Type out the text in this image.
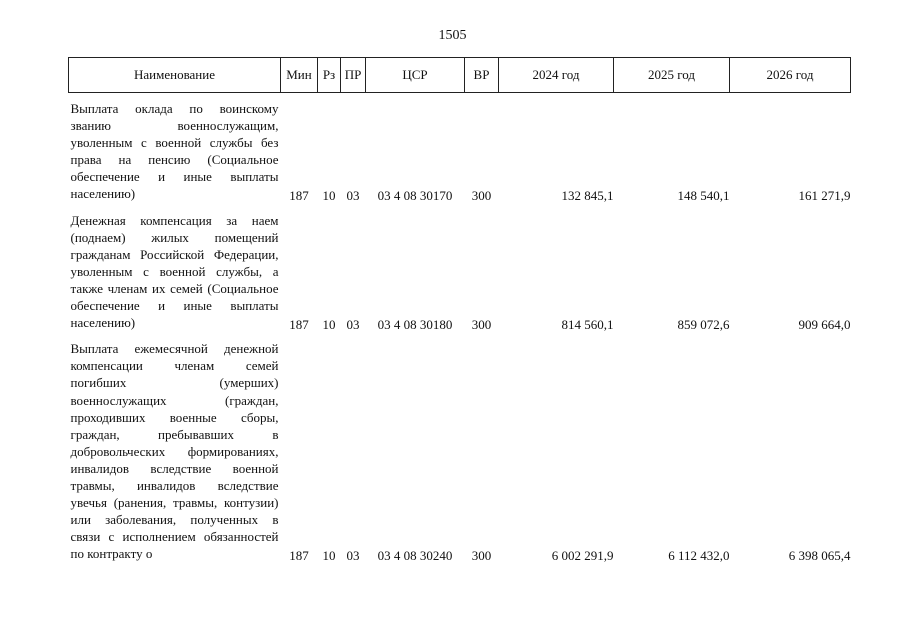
1505
Наименование	Мин	Рз	ПР	ЦСР	ВР	2024 год	2025 год	2026 год
Выплата оклада по воинскому званию военнослужащим, уволенным с военной службы без права на пенсию (Социальное обеспечение и иные выплаты населению)	187	10	03	03 4 08 30170	300	132 845,1	148 540,1	161 271,9
Денежная компенсация за наем (поднаем) жилых помещений гражданам Российской Федерации, уволенным с военной службы, а также членам их семей (Социальное обеспечение и иные выплаты населению)	187	10	03	03 4 08 30180	300	814 560,1	859 072,6	909 664,0
Выплата ежемесячной денежной компенсации членам семей погибших (умерших) военнослужащих (граждан, проходивших военные сборы, граждан, пребывавших в добровольческих формированиях, инвалидов вследствие военной травмы, инвалидов вследствие увечья (ранения, травмы, контузии) или заболевания, полученных в связи с исполнением обязанностей по контракту о	187	10	03	03 4 08 30240	300	6 002 291,9	6 112 432,0	6 398 065,4
